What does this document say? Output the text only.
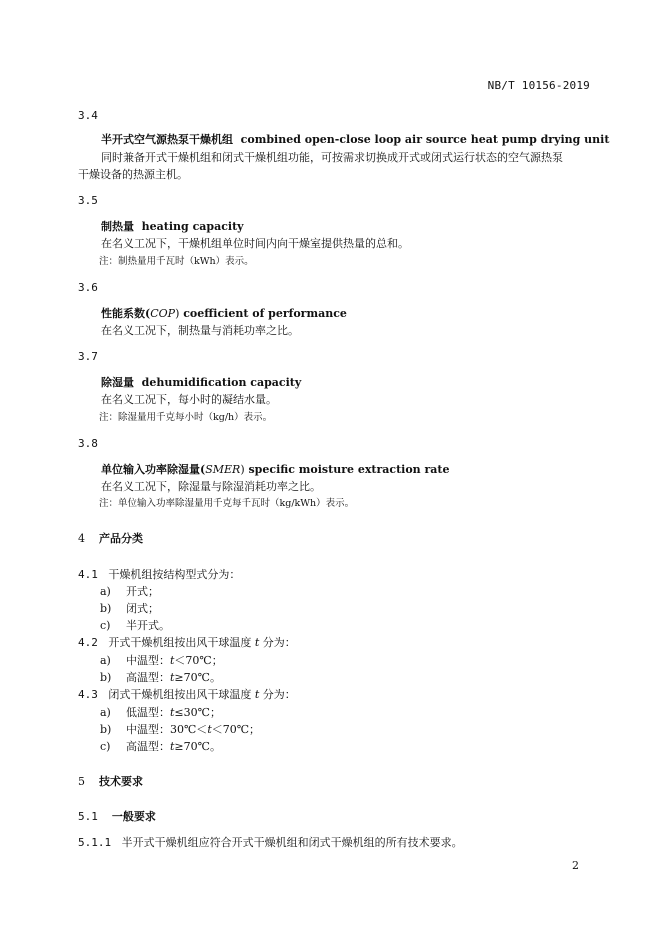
NB/T 10156-2019
3.4
半开式空气源热泵干燥机组 combined open-close loop air source heat pump drying unit
同时兼备开式干燥机组和闭式干燥机组功能，可按需求切换成开式或闭式运行状态的空气源热泵
干燥设备的热源主机。
3.5
制热量 heating capacity
在名义工况下，干燥机组单位时间内向干燥室提供热量的总和。
注：制热量用千瓦时（kWh）表示。
3.6
性能系数(COP) coefficient of performance
在名义工况下，制热量与消耗功率之比。
3.7
除湿量 dehumidification capacity
在名义工况下，每小时的凝结水量。
注：除湿量用千克每小时（kg/h）表示。
3.8
单位输入功率除湿量(SMER) specific moisture extraction rate
在名义工况下，除湿量与除湿消耗功率之比。
注：单位输入功率除湿量用千克每千瓦时（kg/kWh）表示。
4 产品分类
4.1 干燥机组按结构型式分为：
a) 开式；
b) 闭式；
c) 半开式。
4.2 开式干燥机组按出风干球温度 t 分为：
a) 中温型：t＜70℃；
b) 高温型：t≥70℃。
4.3 闭式干燥机组按出风干球温度 t 分为：
a) 低温型：t≤30℃；
b) 中温型：30℃＜t＜70℃；
c) 高温型：t≥70℃。
5 技术要求
5.1 一般要求
5.1.1 半开式干燥机组应符合开式干燥机组和闭式干燥机组的所有技术要求。
2
